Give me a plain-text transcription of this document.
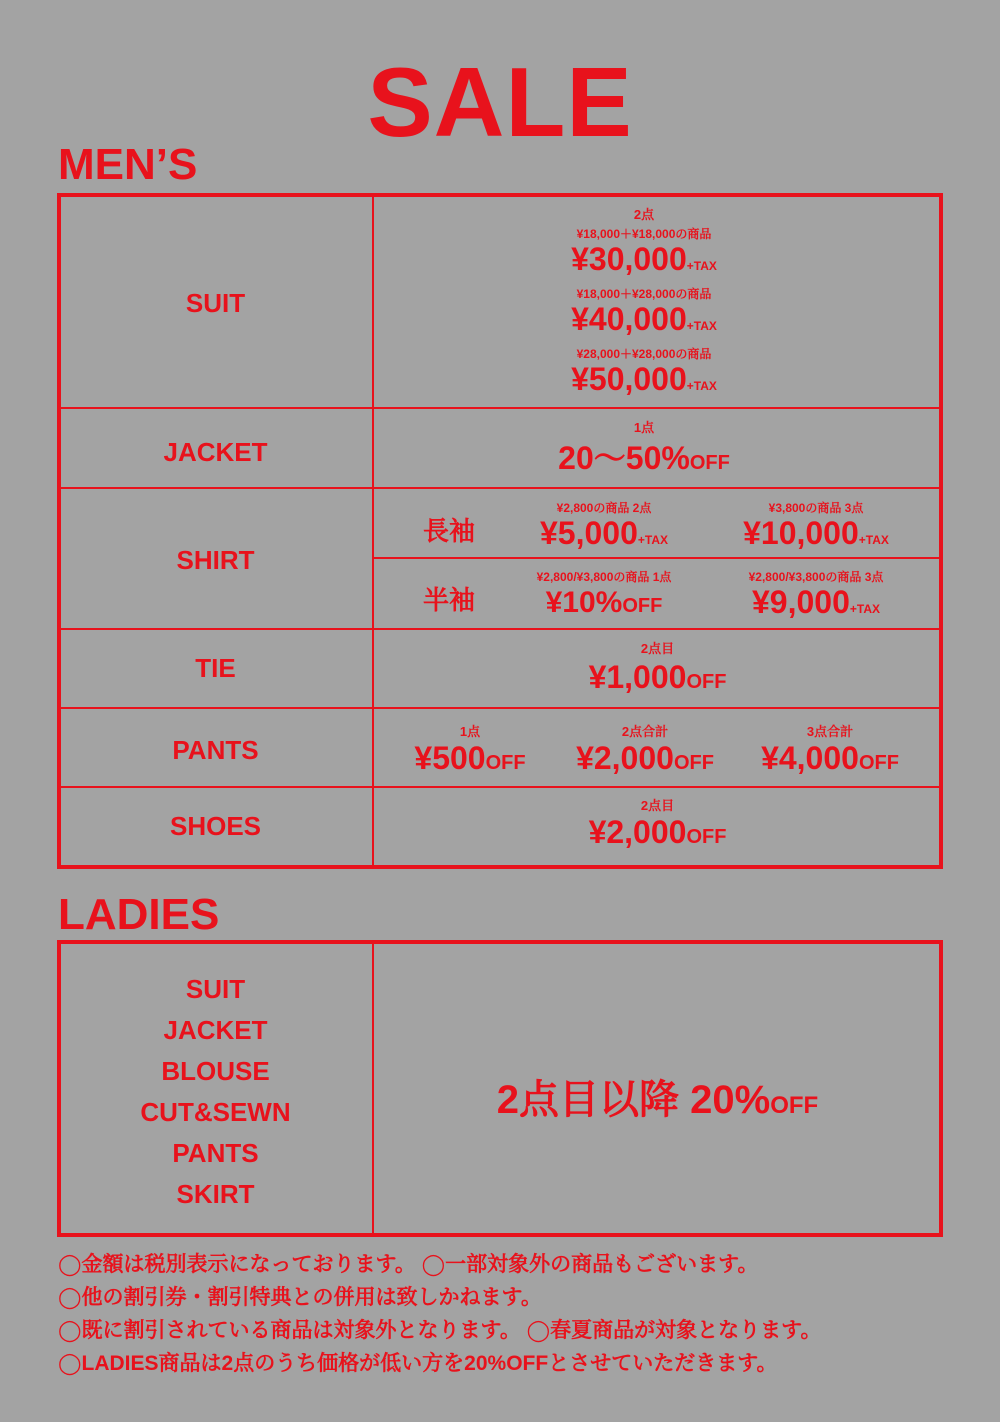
SALE
MEN’S
SUIT
2点
¥18,000＋¥18,000の商品
¥30,000+TAX
¥18,000＋¥28,000の商品
¥40,000+TAX
¥28,000＋¥28,000の商品
¥50,000+TAX
JACKET
1点
20～50%OFF
SHIRT
長袖
¥2,800の商品 2点
¥5,000+TAX
¥3,800の商品 3点
¥10,000+TAX
半袖
¥2,800/¥3,800の商品 1点
¥10%OFF
¥2,800/¥3,800の商品 3点
¥9,000+TAX
TIE
2点目
¥1,000OFF
PANTS
1点
¥500OFF
2点合計
¥2,000OFF
3点合計
¥4,000OFF
SHOES
2点目
¥2,000OFF
LADIES
SUIT
JACKET
BLOUSE
CUT&SEWN
PANTS
SKIRT
2点目以降 20%OFF
◯金額は税別表示になっております。 ◯一部対象外の商品もございます。
◯他の割引券・割引特典との併用は致しかねます。
◯既に割引されている商品は対象外となります。 ◯春夏商品が対象となります。
◯LADIES商品は2点のうち価格が低い方を20%OFFとさせていただきます。
